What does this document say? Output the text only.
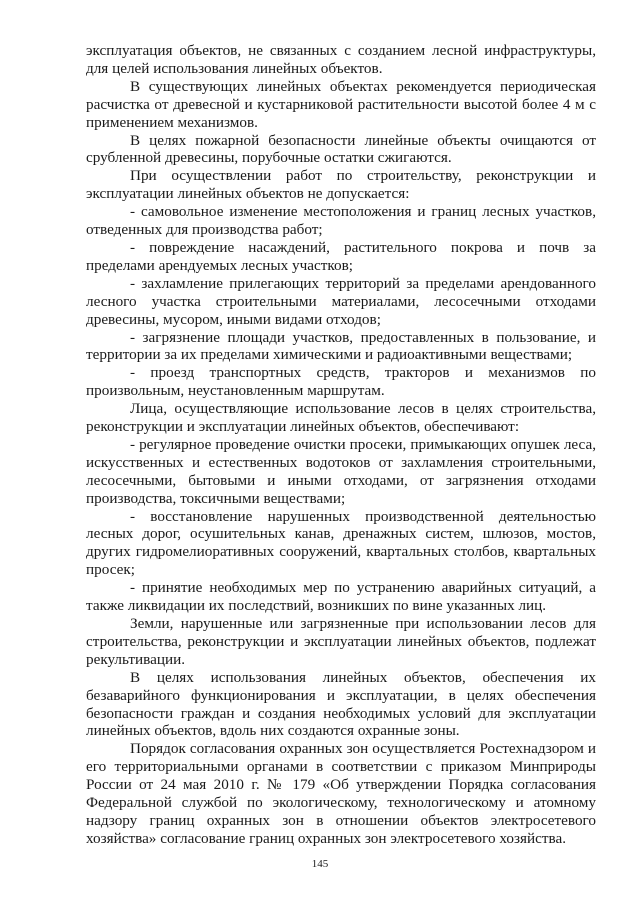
эксплуатация объектов, не связанных с созданием лесной инфраструктуры, для целей использования линейных объектов.

В существующих линейных объектах рекомендуется периодическая расчистка от древесной и кустарниковой растительности высотой более 4 м с применением механизмов.

В целях пожарной безопасности линейные объекты очищаются от срубленной древесины, порубочные остатки сжигаются.

При осуществлении работ по строительству, реконструкции и эксплуатации линейных объектов не допускается:

- самовольное изменение местоположения и границ лесных участков, отведенных для производства работ;

- повреждение насаждений, растительного покрова и почв за пределами арендуемых лесных участков;

- захламление прилегающих территорий за пределами арендованного лесного участка строительными материалами, лесосечными отходами древесины, мусором, иными видами отходов;

- загрязнение площади участков, предоставленных в пользование, и территории за их пределами химическими и радиоактивными веществами;

- проезд транспортных средств, тракторов и механизмов по произвольным, неустановленным маршрутам.

Лица, осуществляющие использование лесов в целях строительства, реконструкции и эксплуатации линейных объектов, обеспечивают:

- регулярное проведение очистки просеки, примыкающих опушек леса, искусственных и естественных водотоков от захламления строительными, лесосечными, бытовыми и иными отходами, от загрязнения отходами производства, токсичными веществами;

- восстановление нарушенных производственной деятельностью лесных дорог, осушительных канав, дренажных систем, шлюзов, мостов, других гидромелиоративных сооружений, квартальных столбов, квартальных просек;

- принятие необходимых мер по устранению аварийных ситуаций, а также ликвидации их последствий, возникших по вине указанных лиц.

Земли, нарушенные или загрязненные при использовании лесов для строительства, реконструкции и эксплуатации линейных объектов, подлежат рекультивации.

В целях использования линейных объектов, обеспечения их безаварийного функционирования и эксплуатации, в целях обеспечения безопасности граждан и создания необходимых условий для эксплуатации линейных объектов, вдоль них создаются охранные зоны.

Порядок согласования охранных зон осуществляется Ростехнадзором и его территориальными органами в соответствии с приказом Минприроды России от 24 мая 2010 г. № 179 «Об утверждении Порядка согласования Федеральной службой по экологическому, технологическому и атомному надзору границ охранных зон в отношении объектов электросетевого хозяйства» согласование границ охранных зон электросетевого хозяйства.

145
